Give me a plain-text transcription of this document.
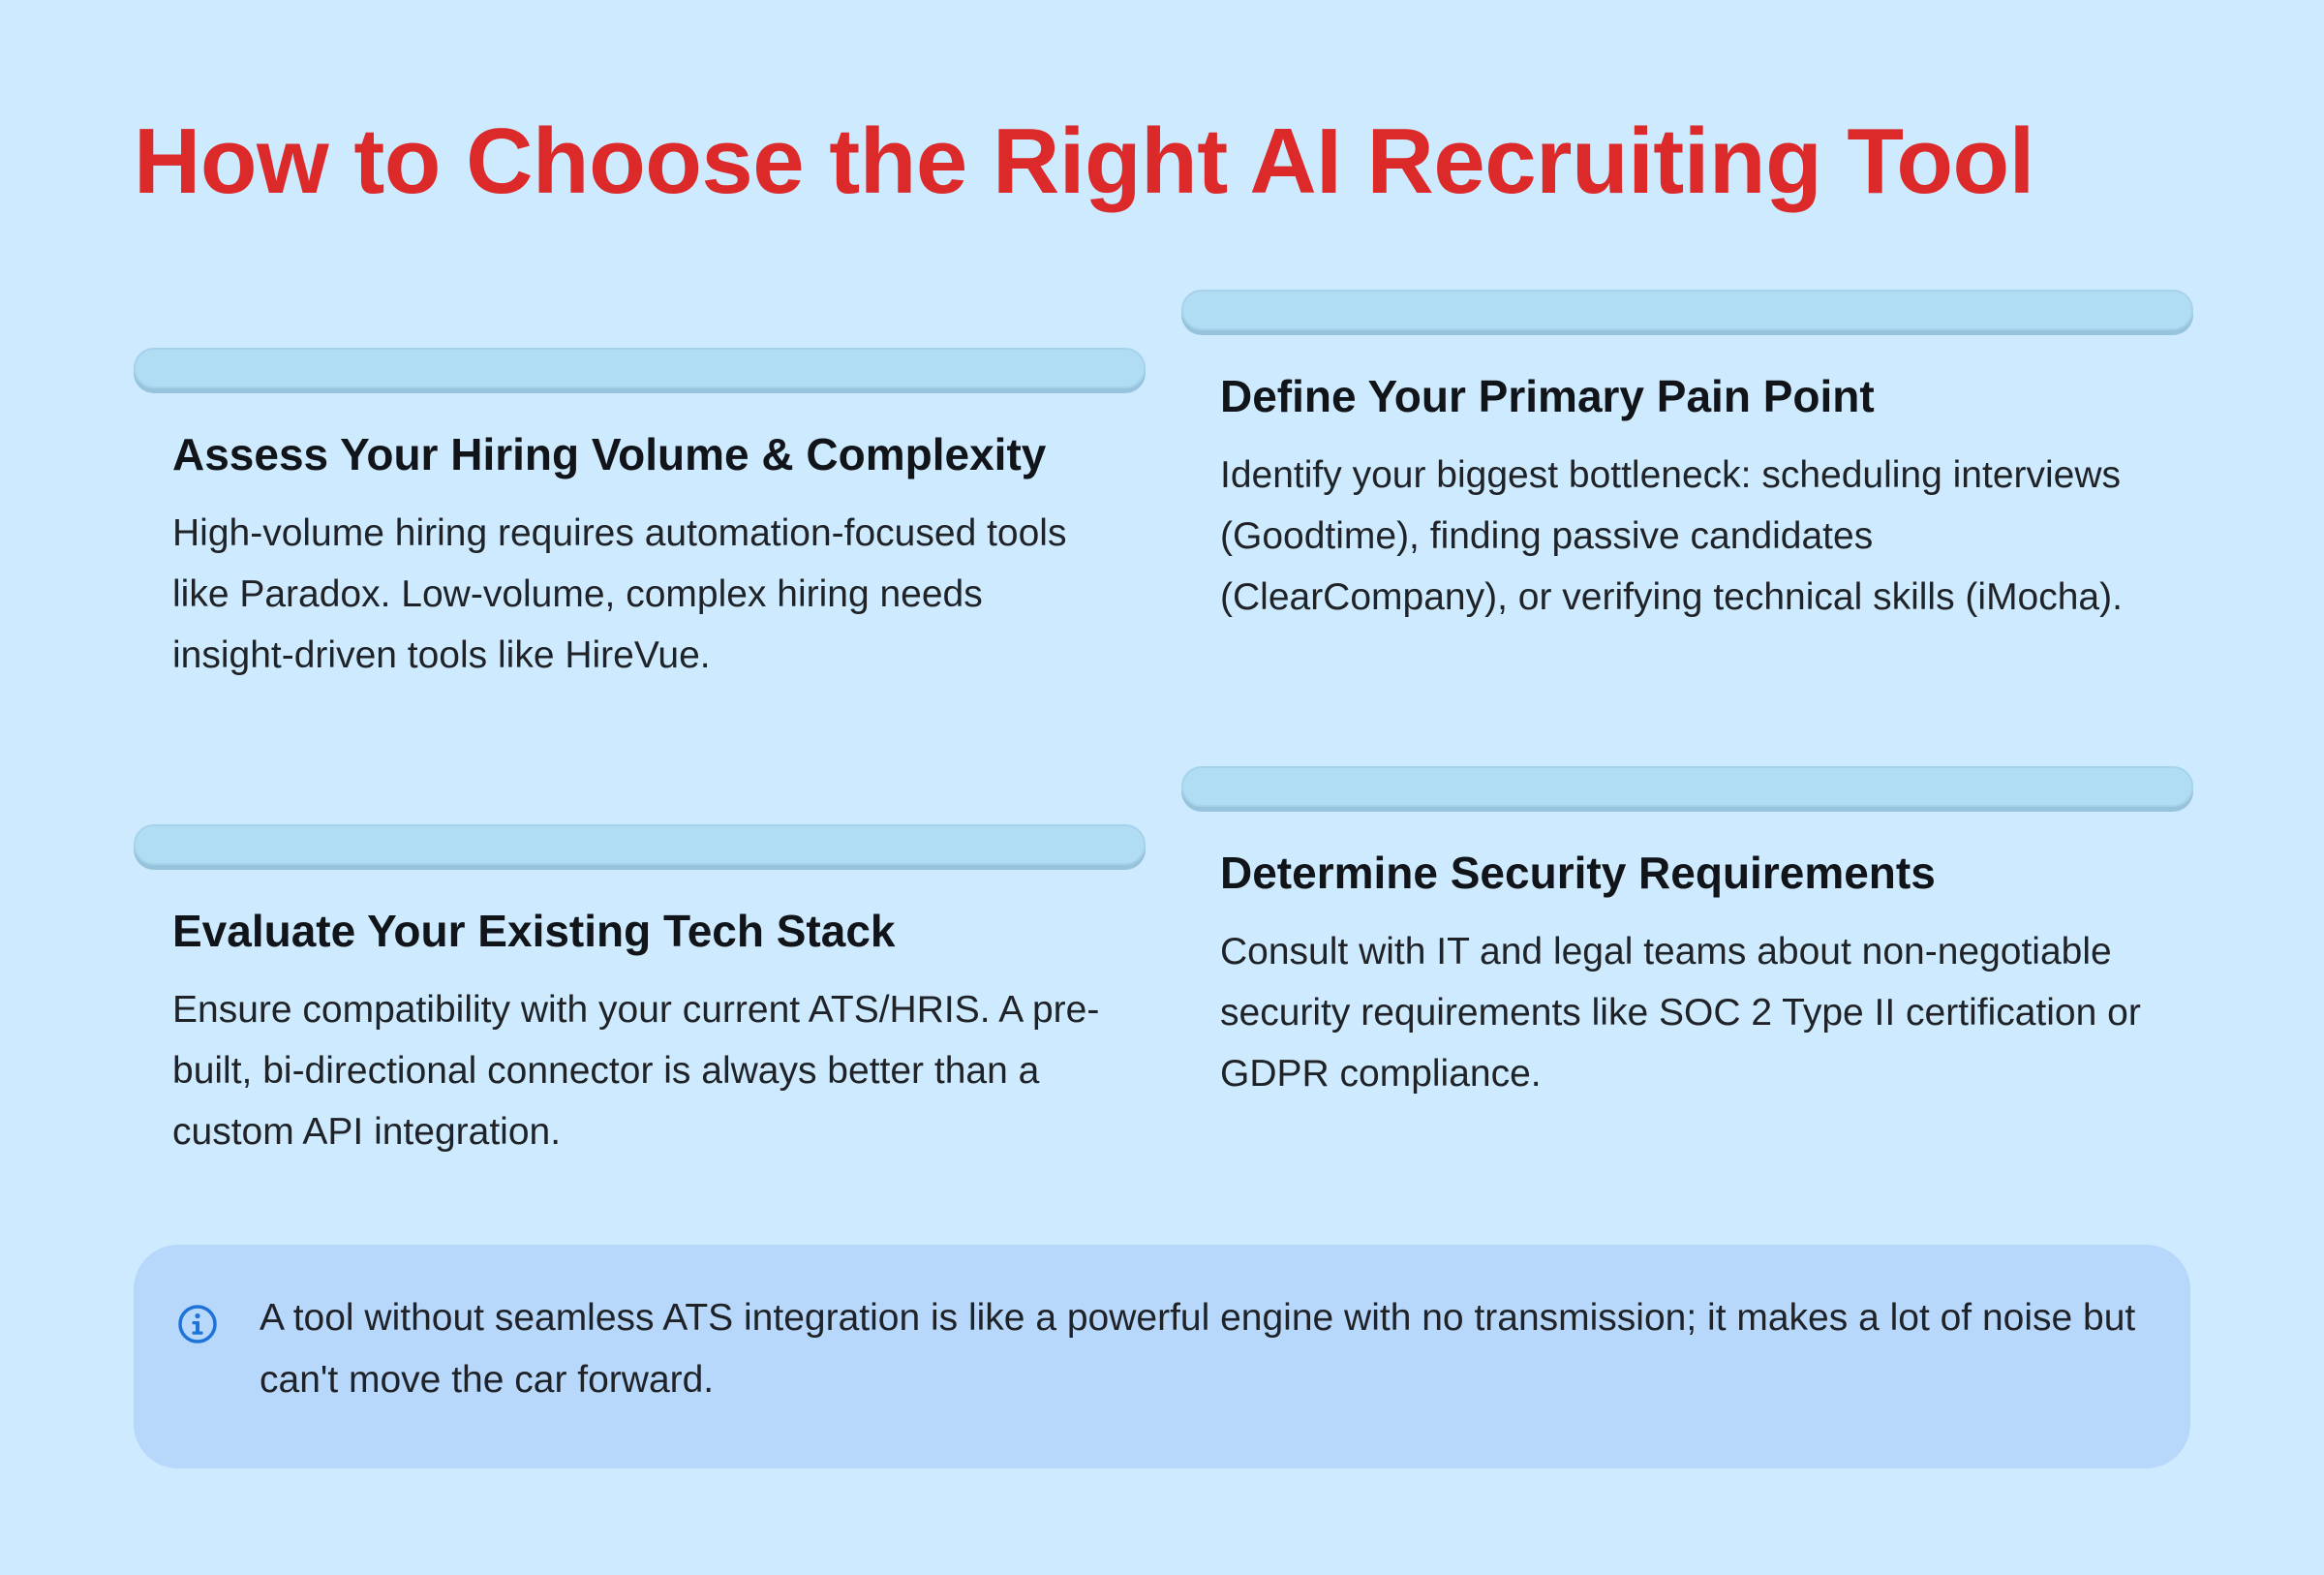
How to Choose the Right AI Recruiting Tool
Assess Your Hiring Volume & Complexity

High-volume hiring requires automation-focused tools like Paradox. Low-volume, complex hiring needs insight-driven tools like HireVue.

Define Your Primary Pain Point

Identify your biggest bottleneck: scheduling interviews (Goodtime), finding passive candidates (ClearCompany), or verifying technical skills (iMocha).

Evaluate Your Existing Tech Stack

Ensure compatibility with your current ATS/HRIS. A pre-built, bi-directional connector is always better than a custom API integration.

Determine Security Requirements

Consult with IT and legal teams about non-negotiable security requirements like SOC 2 Type II certification or GDPR compliance.

A tool without seamless ATS integration is like a powerful engine with no transmission; it makes a lot of noise but can't move the car forward.
